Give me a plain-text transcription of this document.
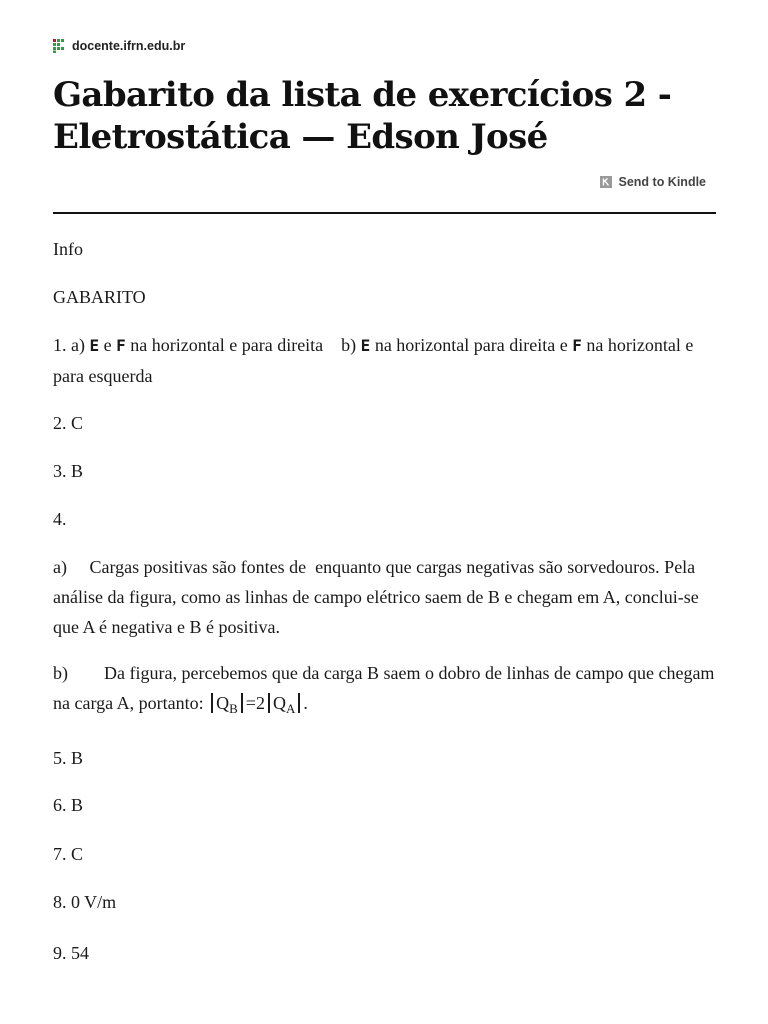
docente.ifrn.edu.br
Gabarito da lista de exercícios 2 - Eletrostática — Edson José
Send to Kindle

Info

GABARITO

1. a) E e F na horizontal e para direita    b) E na horizontal para direita e F na horizontal e para esquerda

2. C

3. B

4.

a)     Cargas positivas são fontes de  enquanto que cargas negativas são sorvedouros. Pela análise da figura, como as linhas de campo elétrico saem de B e chegam em A, conclui-se que A é negativa e B é positiva.

b)        Da figura, percebemos que da carga B saem o dobro de linhas de campo que chegam na carga A, portanto: $Q_B =2$ $Q_A$ .

5. B

6. B

7. C

8. 0 V/m

9. 54
